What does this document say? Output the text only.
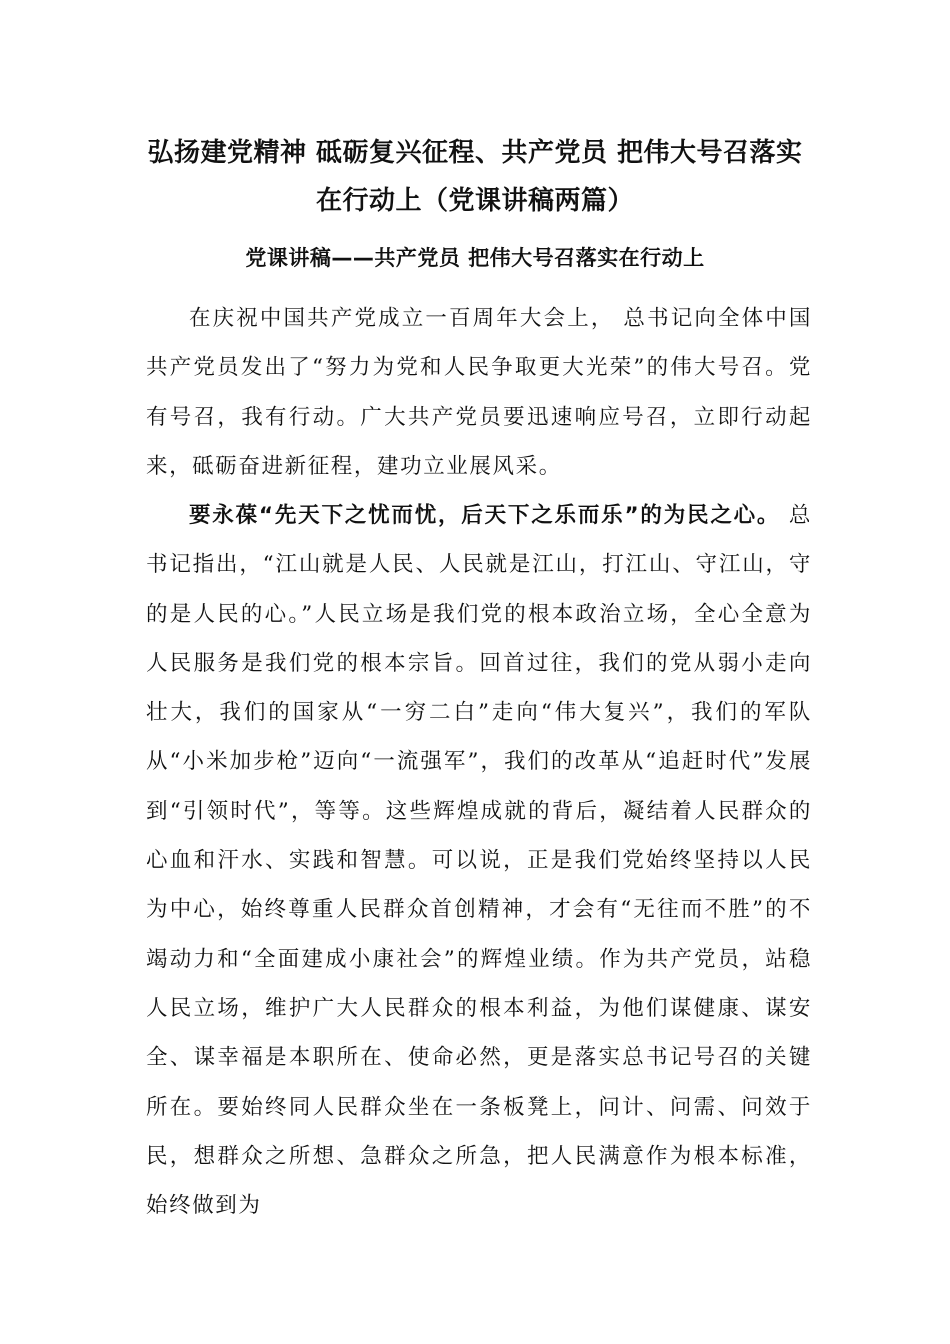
弘扬建党精神 砥砺复兴征程、共产党员 把伟大号召落实
在行动上（党课讲稿两篇）
党课讲稿——共产党员 把伟大号召落实在行动上

在庆祝中国共产党成立一百周年大会上， 总书记向全体中国共产党员发出了“努力为党和人民争取更大光荣”的伟大号召。党有号召，我有行动。广大共产党员要迅速响应号召，立即行动起来，砥砺奋进新征程，建功立业展风采。

要永葆“先天下之忧而忧，后天下之乐而乐”的为民之心。 总书记指出，“江山就是人民、人民就是江山，打江山、守江山，守的是人民的心。”人民立场是我们党的根本政治立场，全心全意为人民服务是我们党的根本宗旨。回首过往，我们的党从弱小走向壮大，我们的国家从“一穷二白”走向“伟大复兴”，我们的军队从“小米加步枪”迈向“一流强军”，我们的改革从“追赶时代”发展到“引领时代”，等等。这些辉煌成就的背后，凝结着人民群众的心血和汗水、实践和智慧。可以说，正是我们党始终坚持以人民为中心，始终尊重人民群众首创精神，才会有“无往而不胜”的不竭动力和“全面建成小康社会”的辉煌业绩。作为共产党员，站稳人民立场，维护广大人民群众的根本利益，为他们谋健康、谋安全、谋幸福是本职所在、使命必然，更是落实总书记号召的关键所在。要始终同人民群众坐在一条板凳上，问计、问需、问效于民，想群众之所想、急群众之所急，把人民满意作为根本标准，始终做到为
